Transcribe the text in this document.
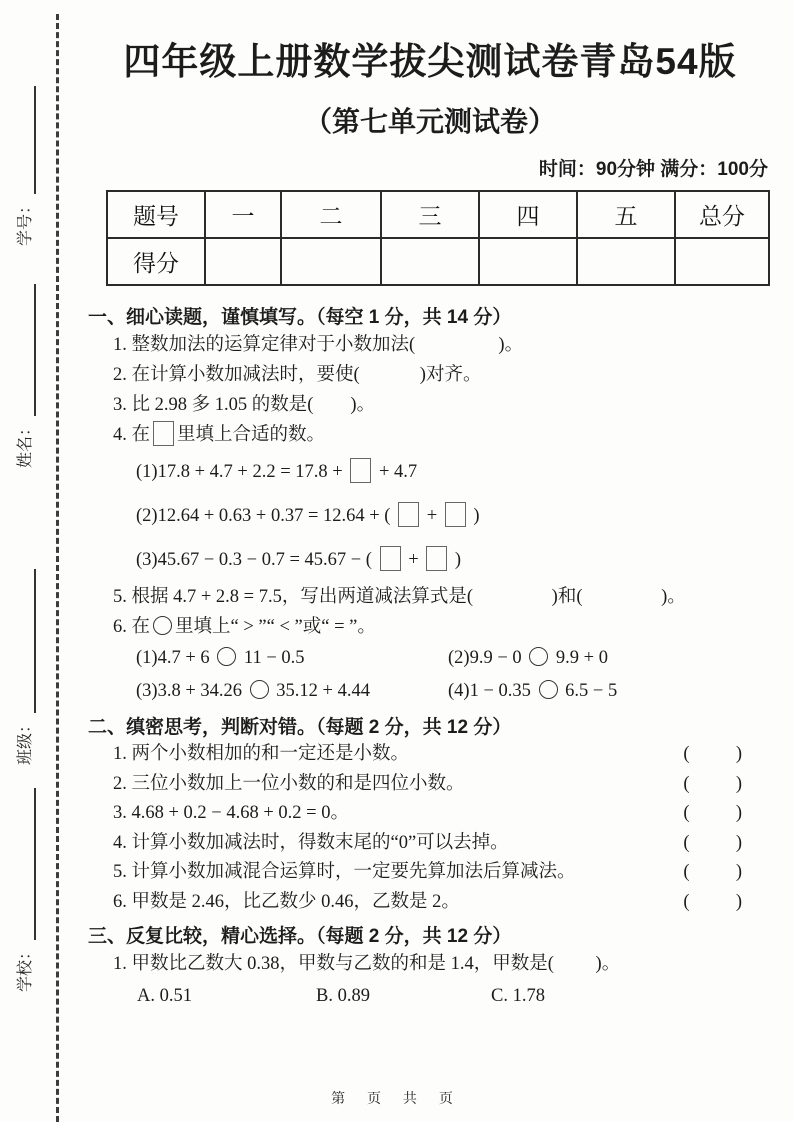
学号：
姓名：
班级：
学校：
四年级上册数学拔尖测试卷青岛54版
（第七单元测试卷）
时间：90分钟 满分：100分
题号	一	二	三	四	五	总分
得分						
一、细心读题，谨慎填写。（每空 1 分，共 14 分）
1. 整数加法的运算定律对于小数加法(                  )。
2. 在计算小数加减法时，要使(             )对齐。
3. 比 2.98 多 1.05 的数是(        )。
4. 在 里填上合适的数。
(1)17.8 + 4.7 + 2.2 = 17.8 +  + 4.7
(2)12.64 + 0.63 + 0.37 = 12.64 + (  +  )
(3)45.67 − 0.3 − 0.7 = 45.67 − (  +  )
5. 根据 4.7 + 2.8 = 7.5，写出两道减法算式是(                 )和(                 )。
6. 在 里填上“ > ”“ < ”或“ = ”。
(1)4.7 + 6  11 − 0.5	(2)9.9 − 0  9.9 + 0
(3)3.8 + 34.26  35.12 + 4.44	(4)1 − 0.35  6.5 − 5
二、缜密思考，判断对错。（每题 2 分，共 12 分）
1. 两个小数相加的和一定还是小数。	(          )
2. 三位小数加上一位小数的和是四位小数。	(          )
3. 4.68 + 0.2 − 4.68 + 0.2 = 0。	(          )
4. 计算小数加减法时，得数末尾的“0”可以去掉。	(          )
5. 计算小数加减混合运算时，一定要先算加法后算减法。	(          )
6. 甲数是 2.46，比乙数少 0.46，乙数是 2。	(          )
三、反复比较，精心选择。（每题 2 分，共 12 分）
1. 甲数比乙数大 0.38，甲数与乙数的和是 1.4，甲数是(         )。
A. 0.51	B. 0.89	C. 1.78
第 页 共 页
